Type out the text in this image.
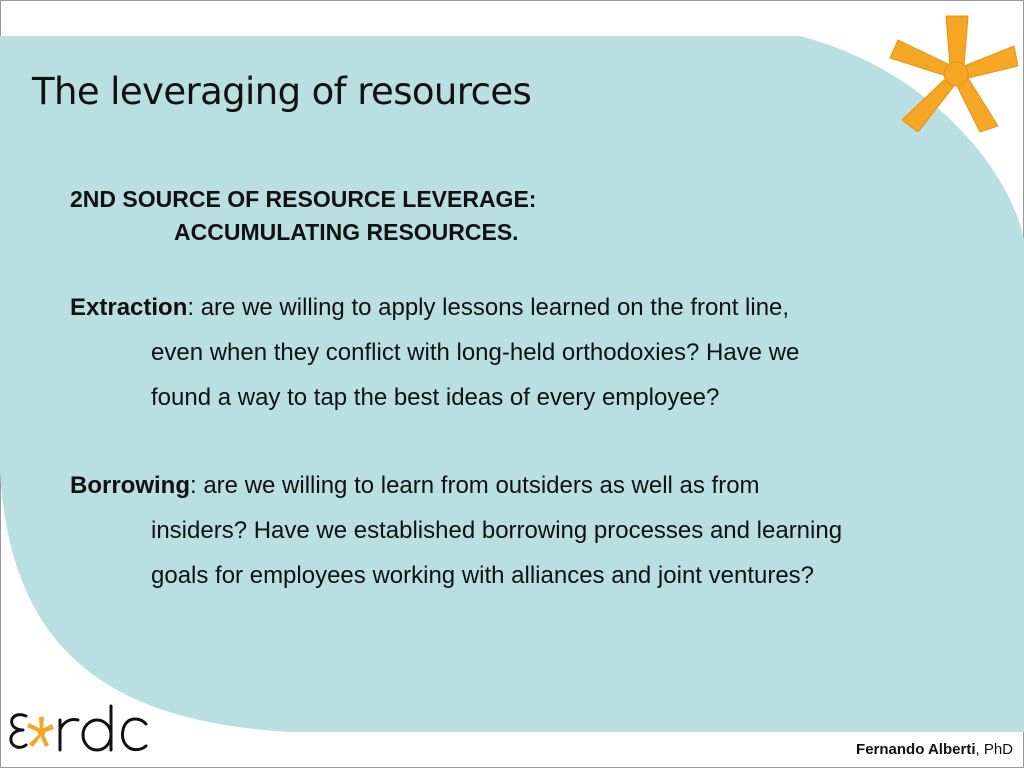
The leveraging of resources
2ND SOURCE OF RESOURCE LEVERAGE:
ACCUMULATING RESOURCES.
Extraction: are we willing to apply lessons learned on the front line,
even when they conflict with long-held orthodoxies? Have we
found a way to tap the best ideas of every employee?
Borrowing: are we willing to learn from outsiders as well as from
insiders? Have we established borrowing processes and learning
goals for employees working with alliances and joint ventures?
Fernando Alberti, PhD
